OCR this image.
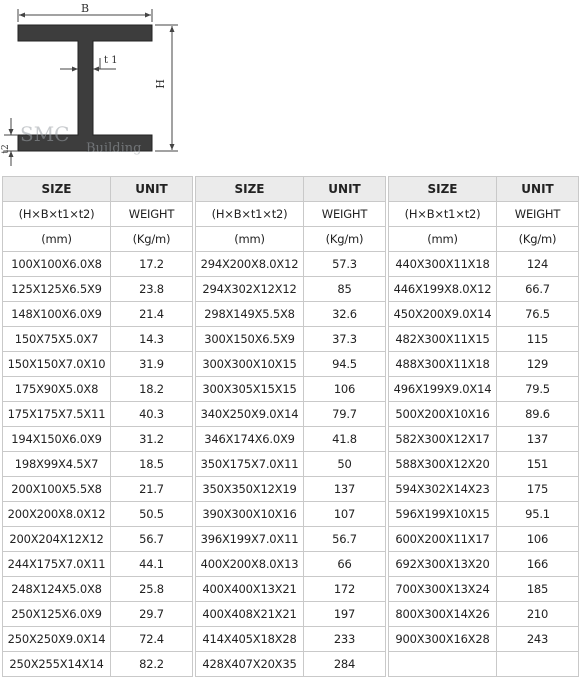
B
H
t 1
t2
SMC
Building
SIZE	UNIT		SIZE	UNIT		SIZE	UNIT
(H×B×t1×t2)	WEIGHT		(H×B×t1×t2)	WEIGHT		(H×B×t1×t2)	WEIGHT
(mm)	(Kg/m)		(mm)	(Kg/m)		(mm)	(Kg/m)
100X100X6.0X8	17.2		294X200X8.0X12	57.3		440X300X11X18	124
125X125X6.5X9	23.8		294X302X12X12	85		446X199X8.0X12	66.7
148X100X6.0X9	21.4		298X149X5.5X8	32.6		450X200X9.0X14	76.5
150X75X5.0X7	14.3		300X150X6.5X9	37.3		482X300X11X15	115
150X150X7.0X10	31.9		300X300X10X15	94.5		488X300X11X18	129
175X90X5.0X8	18.2		300X305X15X15	106		496X199X9.0X14	79.5
175X175X7.5X11	40.3		340X250X9.0X14	79.7		500X200X10X16	89.6
194X150X6.0X9	31.2		346X174X6.0X9	41.8		582X300X12X17	137
198X99X4.5X7	18.5		350X175X7.0X11	50		588X300X12X20	151
200X100X5.5X8	21.7		350X350X12X19	137		594X302X14X23	175
200X200X8.0X12	50.5		390X300X10X16	107		596X199X10X15	95.1
200X204X12X12	56.7		396X199X7.0X11	56.7		600X200X11X17	106
244X175X7.0X11	44.1		400X200X8.0X13	66		692X300X13X20	166
248X124X5.0X8	25.8		400X400X13X21	172		700X300X13X24	185
250X125X6.0X9	29.7		400X408X21X21	197		800X300X14X26	210
250X250X9.0X14	72.4		414X405X18X28	233		900X300X16X28	243
250X255X14X14	82.2		428X407X20X35	284			
